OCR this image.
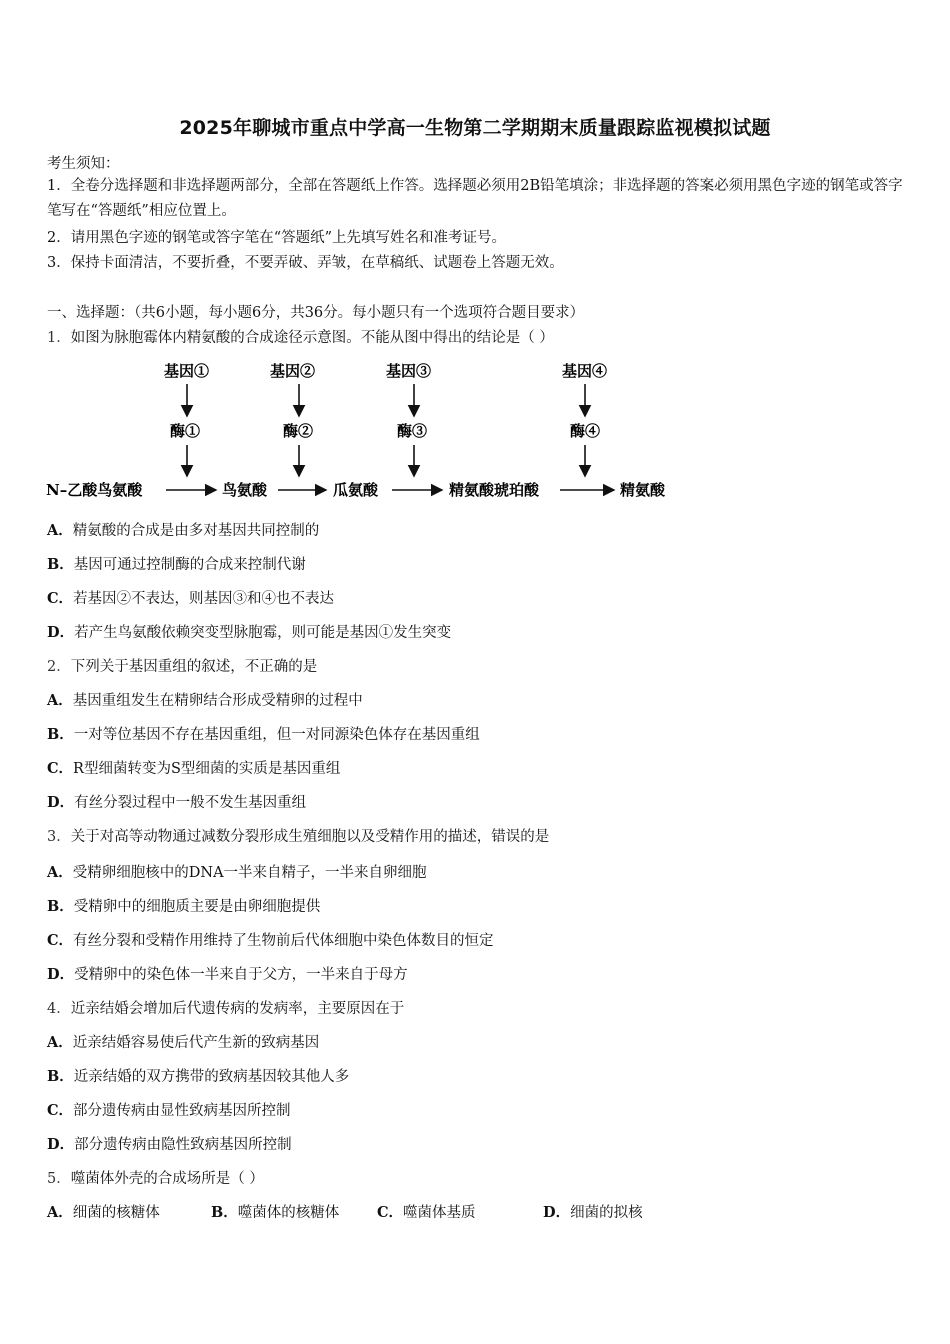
2025年聊城市重点中学高一生物第二学期期末质量跟踪监视模拟试题
考生须知：
1．全卷分选择题和非选择题两部分，全部在答题纸上作答。选择题必须用2B铅笔填涂；非选择题的答案必须用黑色字迹的钢笔或答字笔写在“答题纸”相应位置上。
2．请用黑色字迹的钢笔或答字笔在“答题纸”上先填写姓名和准考证号。
3．保持卡面清洁，不要折叠，不要弄破、弄皱，在草稿纸、试题卷上答题无效。
一、选择题：（共6小题，每小题6分，共36分。每小题只有一个选项符合题目要求）
1．如图为脉胞霉体内精氨酸的合成途径示意图。不能从图中得出的结论是（ ）
基因①	基因②	基因③	基因④
酶①	酶②	酶③	酶④
N–乙酸鸟氨酸	鸟氨酸	瓜氨酸	精氨酸琥珀酸	精氨酸
A．精氨酸的合成是由多对基因共同控制的
B．基因可通过控制酶的合成来控制代谢
C．若基因②不表达，则基因③和④也不表达
D．若产生鸟氨酸依赖突变型脉胞霉，则可能是基因①发生突变
2．下列关于基因重组的叙述，不正确的是
A．基因重组发生在精卵结合形成受精卵的过程中
B．一对等位基因不存在基因重组，但一对同源染色体存在基因重组
C．R型细菌转变为S型细菌的实质是基因重组
D．有丝分裂过程中一般不发生基因重组
3．关于对高等动物通过减数分裂形成生殖细胞以及受精作用的描述，错误的是
A．受精卵细胞核中的DNA一半来自精子，一半来自卵细胞
B．受精卵中的细胞质主要是由卵细胞提供
C．有丝分裂和受精作用维持了生物前后代体细胞中染色体数目的恒定
D．受精卵中的染色体一半来自于父方，一半来自于母方
4．近亲结婚会增加后代遗传病的发病率，主要原因在于
A．近亲结婚容易使后代产生新的致病基因
B．近亲结婚的双方携带的致病基因较其他人多
C．部分遗传病由显性致病基因所控制
D．部分遗传病由隐性致病基因所控制
5．噬菌体外壳的合成场所是（ ）
A．细菌的核糖体	B．噬菌体的核糖体	C．噬菌体基质	D．细菌的拟核
